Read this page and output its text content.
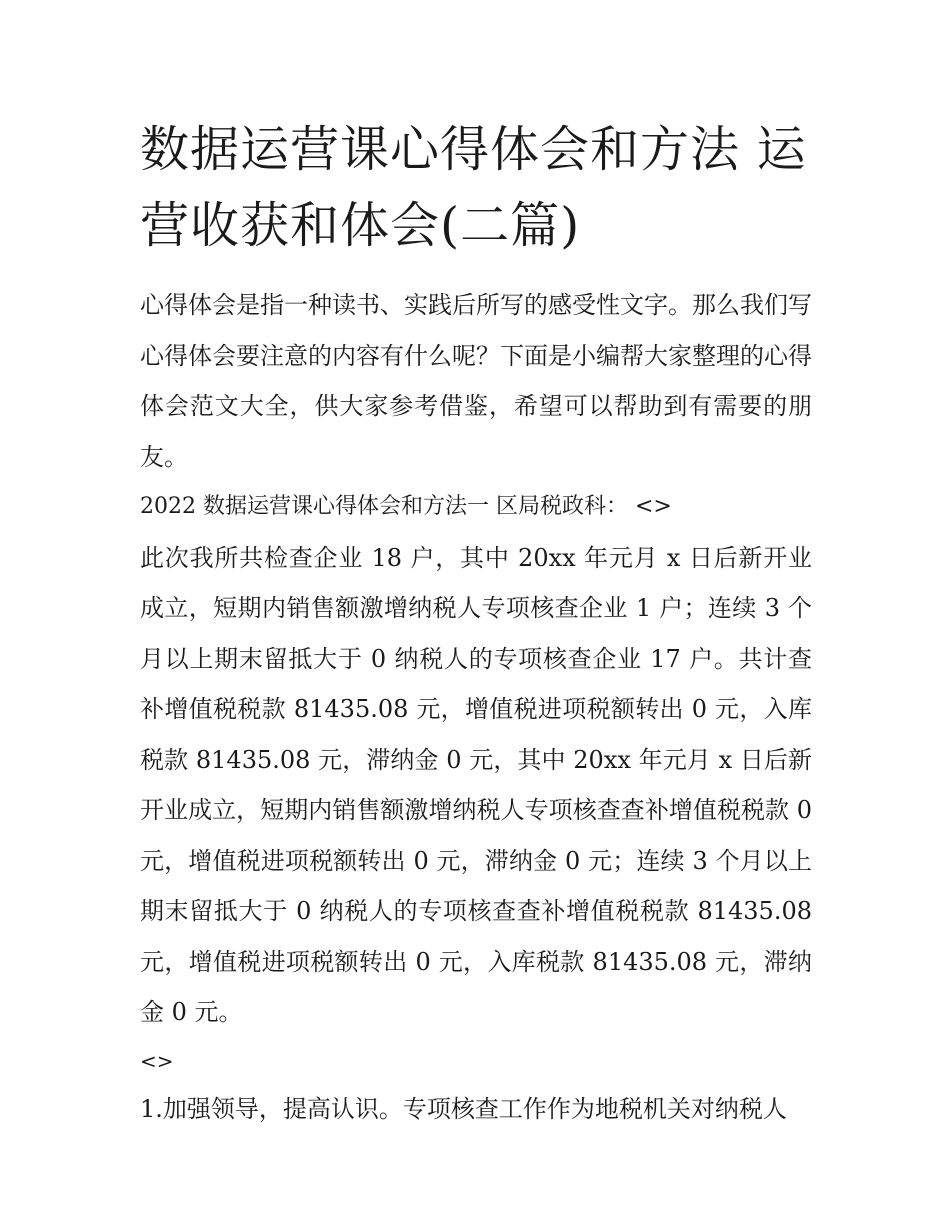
数据运营课心得体会和方法 运营收获和体会(二篇)

心得体会是指一种读书、实践后所写的感受性文字。那么我们写心得体会要注意的内容有什么呢？下面是小编帮大家整理的心得体会范文大全，供大家参考借鉴，希望可以帮助到有需要的朋友。

2022 数据运营课心得体会和方法一 区局税政科： <>

此次我所共检查企业 18 户，其中 20xx 年元月 x 日后新开业成立，短期内销售额激增纳税人专项核查企业 1 户；连续 3 个月以上期末留抵大于 0 纳税人的专项核查企业 17 户。共计查补增值税税款 81435.08 元，增值税进项税额转出 0 元，入库税款 81435.08 元，滞纳金 0 元，其中 20xx 年元月 x 日后新开业成立，短期内销售额激增纳税人专项核查查补增值税税款 0 元，增值税进项税额转出 0 元，滞纳金 0 元；连续 3 个月以上期末留抵大于 0 纳税人的专项核查查补增值税税款 81435.08 元，增值税进项税额转出 0 元，入库税款 81435.08 元，滞纳金 0 元。

<>

1.加强领导，提高认识。专项核查工作作为地税机关对纳税人
